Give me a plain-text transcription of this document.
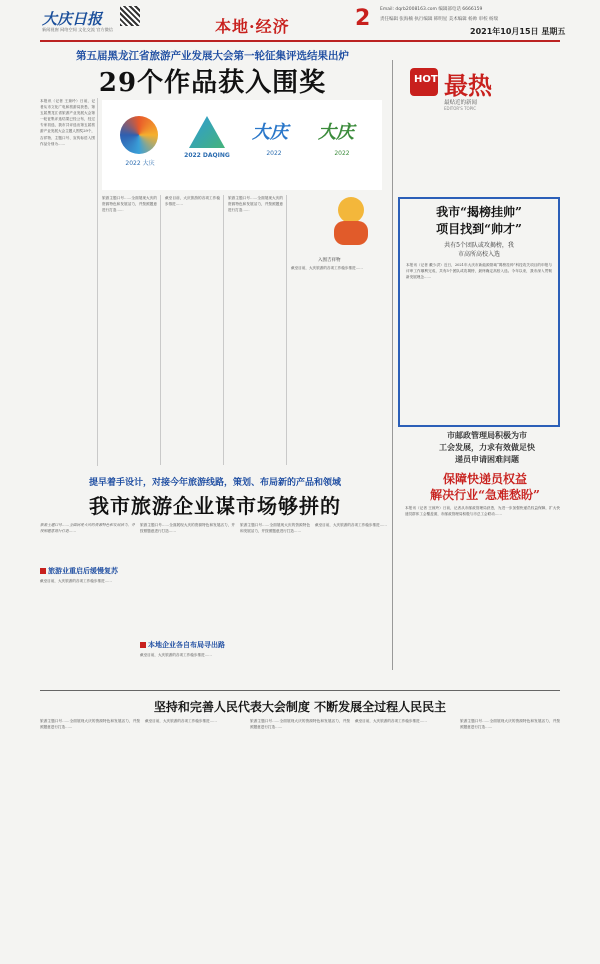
大庆日报
新闻视窗 网络空间 文化交流 官方微信	本地·经济
Email: dqrb2008163.com 编辑部电话 6666159
责任编辑 张海楠 执行编辑 韩明星 美术编辑 杨帅 审校 杨瑞
2021年10月15日 星期五
2
第五届黑龙江省旅游产业发展大会第一轮征集评选结果出炉
29个作品获入围奖
本报讯（记者 王琼玲）日前，记者从市文化广电和旅游局获悉，第五届黑龙江省旅游产业发展大会第一轮征集评选结果已经公布，经过专家初选，我市共评选出第五届旅游产业发展大会主题人围奖29个，吉祥物、主题口号、宣传标语入围作品分别为……
2022 大庆
2022 DAQING
大庆
2022
大庆
2022
入围吉祥物
旅游主题口号……全面展现大庆的资源特色和发展活力，并按照题意进行打造……
截至目前，大庆旅游的各项工作稳步推进……
旅游主题口号……全面展现大庆的资源特色和发展活力，并按照题意进行打造……
截至目前，大庆旅游的各项工作稳步推进……
HOT 最热
最贴近的新闻
EDITOR'S TOPIC
我市“揭榜挂帅”
项目找到“帅才”
共有5个团队或攻揭榜，我
市高所高校入选
本报讯（记者 戴少洪）近日，2021年大庆市新能源领域“揭榜挂帅”科技攻关项目的申报与评审工作顺利完成，共有5个团队或攻揭榜，最终确定高校入选。今年以来，我市深入贯彻新发展理念……
市邮政管理局积极为市
工会发展，力求有效做足快
递员申请困难问题
保障快递员权益
解决行业“急难愁盼”
本报讯（记者 王琼玲）日前，记者从市邮政管理局获悉，为进一步加强快递员权益保障，扩大快递员群体工会覆盖面，市邮政管理局积极与市总工会联动……
提早着手设计，对接今年旅游线路，策划、布局新的产品和领域
我市旅游企业谋市场够拼的
旅游主题口号……全面展现大庆的资源特色和发展活力，并按照题意进行打造……
旅游业重启后缓慢复苏
截至目前，大庆旅游的各项工作稳步推进……
旅游主题口号……全面展现大庆的资源特色和发展活力，并按照题意进行打造……
本地企业各自布局寻出路
截至目前，大庆旅游的各项工作稳步推进……
旅游主题口号……全面展现大庆的资源特色和发展活力，并按照题意进行打造……
截至目前，大庆旅游的各项工作稳步推进……
坚持和完善人民代表大会制度 不断发展全过程人民民主
旅游主题口号……全面展现大庆的资源特色和发展活力，并按照题意进行打造……
截至目前，大庆旅游的各项工作稳步推进……	旅游主题口号……全面展现大庆的资源特色和发展活力，并按照题意进行打造……
截至目前，大庆旅游的各项工作稳步推进……	旅游主题口号……全面展现大庆的资源特色和发展活力，并按照题意进行打造……
